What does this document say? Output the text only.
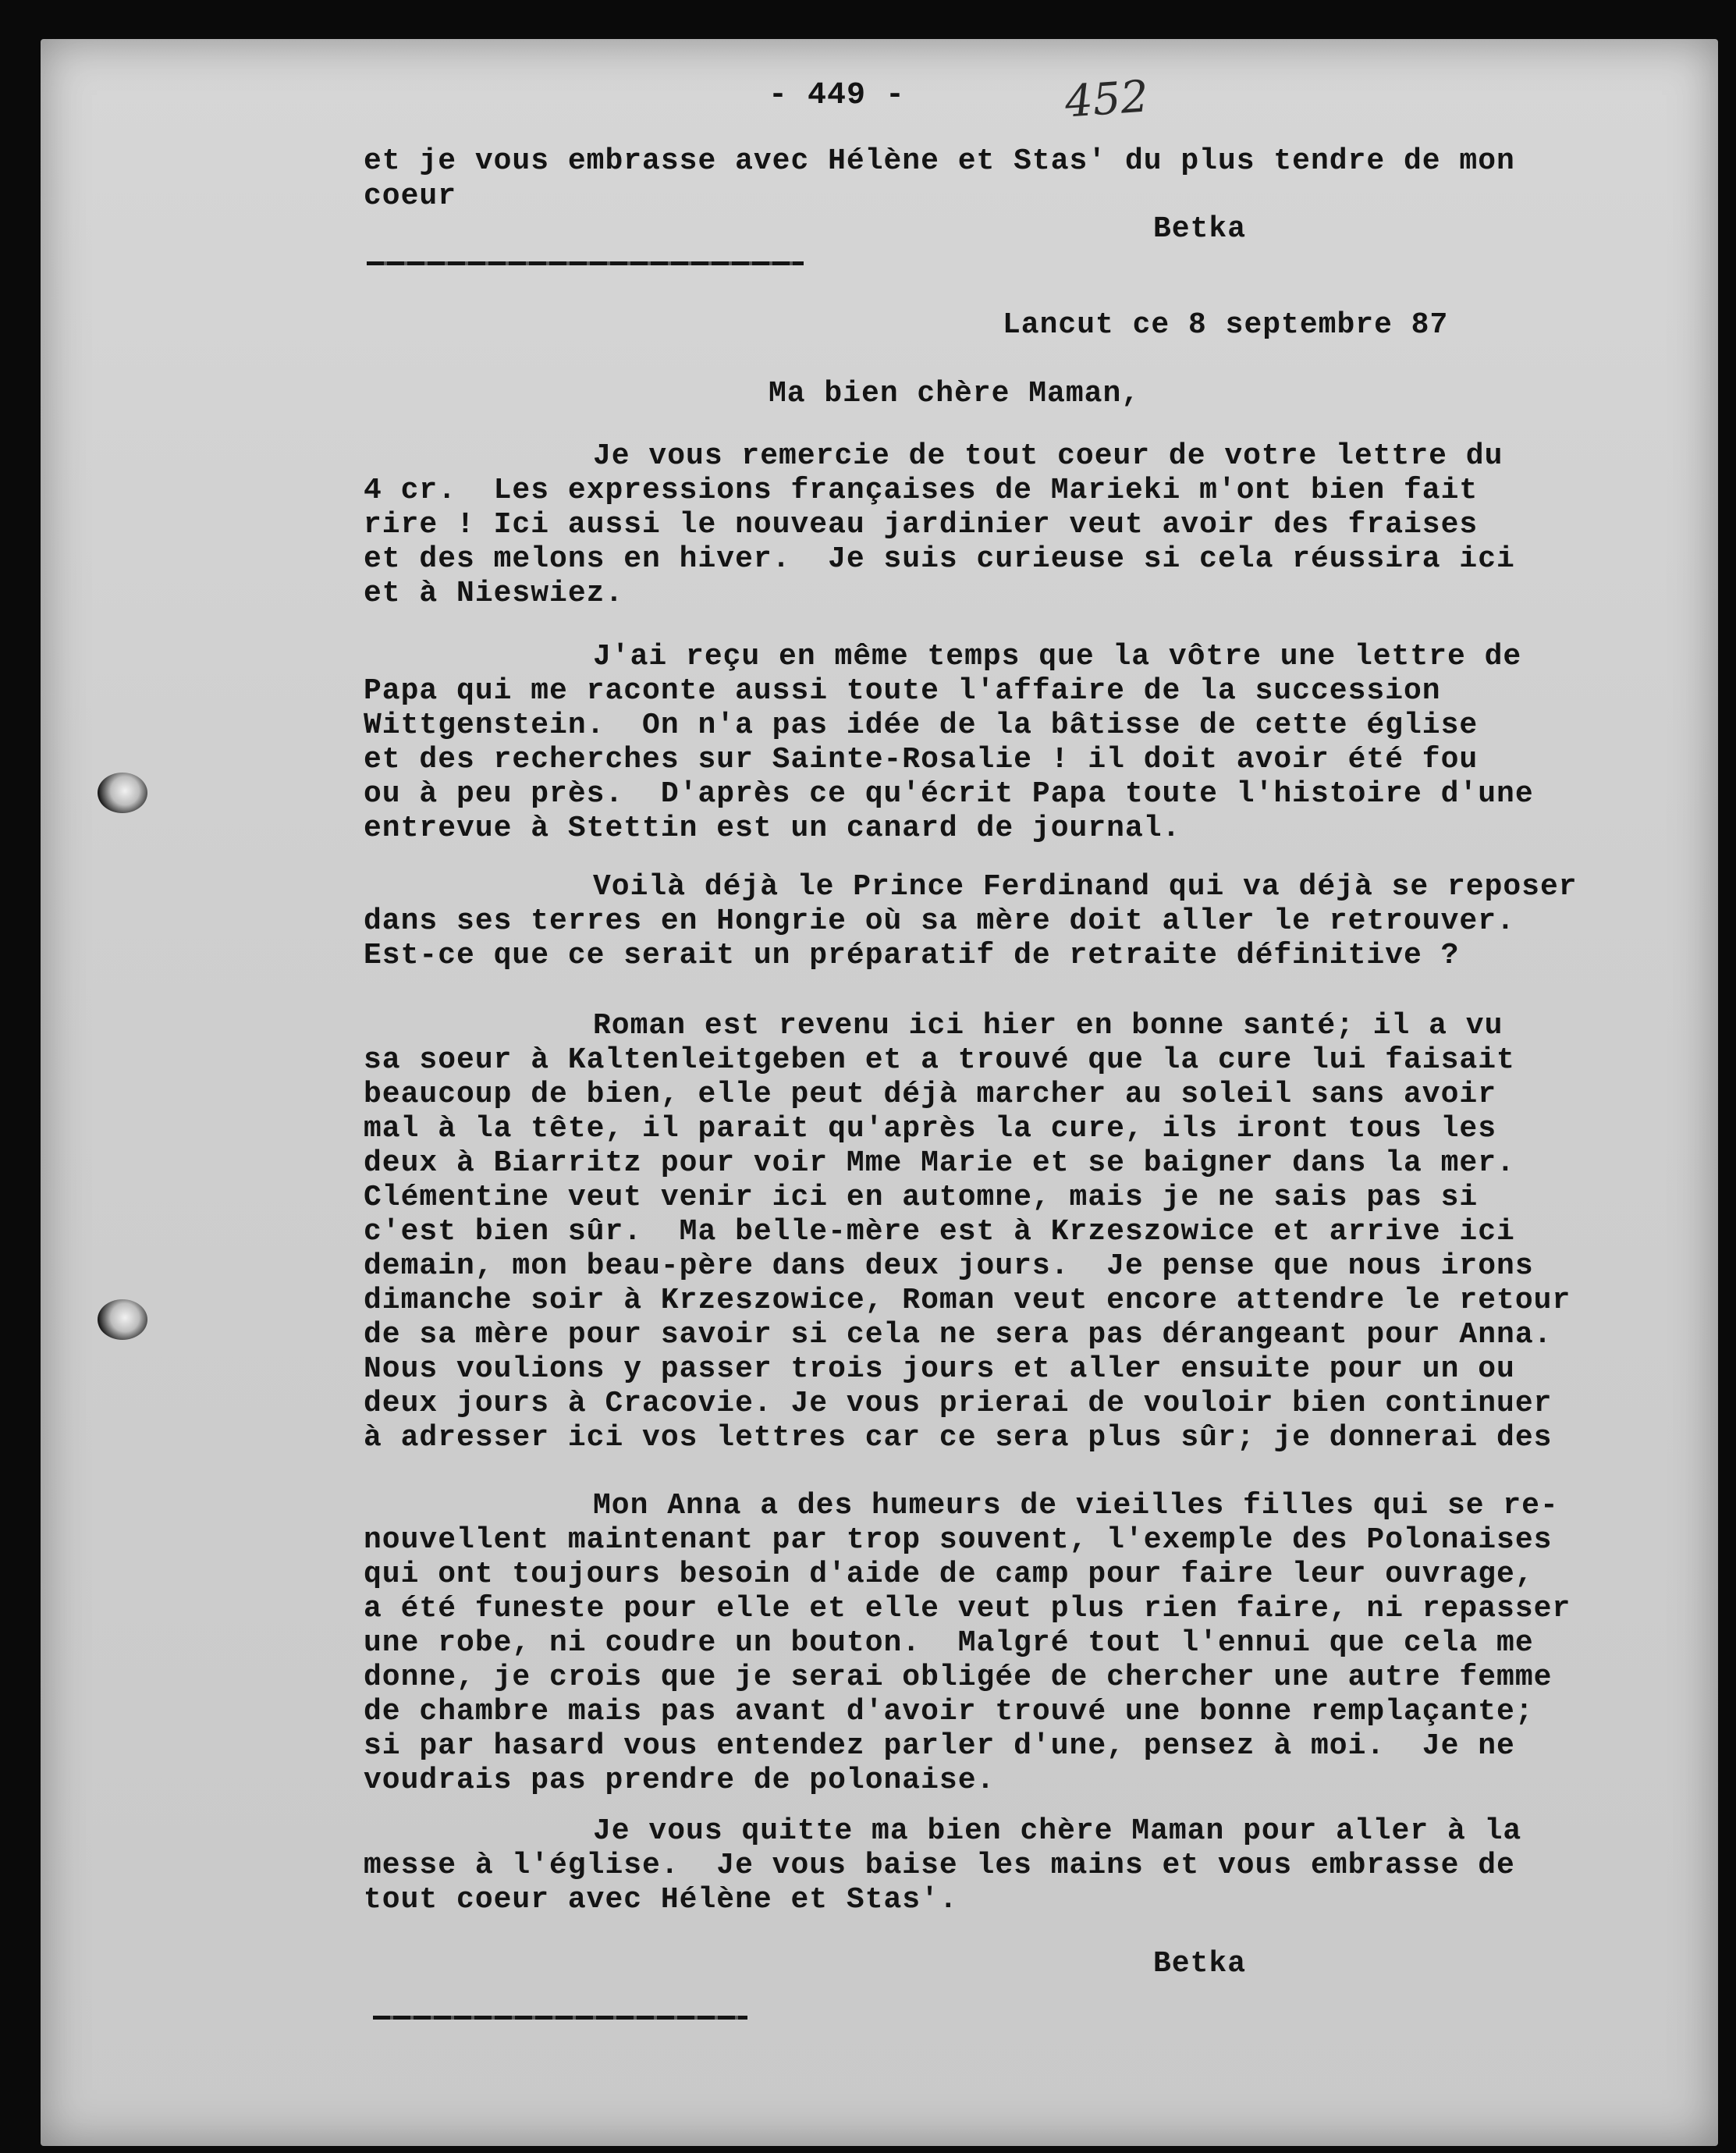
- 449 -	452
et je vous embrasse avec Hélène et Stas' du plus tendre de mon
coeur
Betka
Lancut ce 8 septembre 87
Ma bien chère Maman,
Je vous remercie de tout coeur de votre lettre du
4 cr.  Les expressions françaises de Marieki m'ont bien fait
rire ! Ici aussi le nouveau jardinier veut avoir des fraises
et des melons en hiver.  Je suis curieuse si cela réussira ici
et à Nieswiez.
J'ai reçu en même temps que la vôtre une lettre de
Papa qui me raconte aussi toute l'affaire de la succession
Wittgenstein.  On n'a pas idée de la bâtisse de cette église
et des recherches sur Sainte-Rosalie ! il doit avoir été fou
ou à peu près.  D'après ce qu'écrit Papa toute l'histoire d'une
entrevue à Stettin est un canard de journal.
Voilà déjà le Prince Ferdinand qui va déjà se reposer
dans ses terres en Hongrie où sa mère doit aller le retrouver.
Est-ce que ce serait un préparatif de retraite définitive ?
Roman est revenu ici hier en bonne santé; il a vu
sa soeur à Kaltenleitgeben et a trouvé que la cure lui faisait
beaucoup de bien, elle peut déjà marcher au soleil sans avoir
mal à la tête, il parait qu'après la cure, ils iront tous les
deux à Biarritz pour voir Mme Marie et se baigner dans la mer.
Clémentine veut venir ici en automne, mais je ne sais pas si
c'est bien sûr.  Ma belle-mère est à Krzeszowice et arrive ici
demain, mon beau-père dans deux jours.  Je pense que nous irons
dimanche soir à Krzeszowice, Roman veut encore attendre le retour
de sa mère pour savoir si cela ne sera pas dérangeant pour Anna.
Nous voulions y passer trois jours et aller ensuite pour un ou
deux jours à Cracovie. Je vous prierai de vouloir bien continuer
à adresser ici vos lettres car ce sera plus sûr; je donnerai des
Mon Anna a des humeurs de vieilles filles qui se re-
nouvellent maintenant par trop souvent, l'exemple des Polonaises
qui ont toujours besoin d'aide de camp pour faire leur ouvrage,
a été funeste pour elle et elle veut plus rien faire, ni repasser
une robe, ni coudre un bouton.  Malgré tout l'ennui que cela me
donne, je crois que je serai obligée de chercher une autre femme
de chambre mais pas avant d'avoir trouvé une bonne remplaçante;
si par hasard vous entendez parler d'une, pensez à moi.  Je ne
voudrais pas prendre de polonaise.
Je vous quitte ma bien chère Maman pour aller à la
messe à l'église.  Je vous baise les mains et vous embrasse de
tout coeur avec Hélène et Stas'.
Betka
